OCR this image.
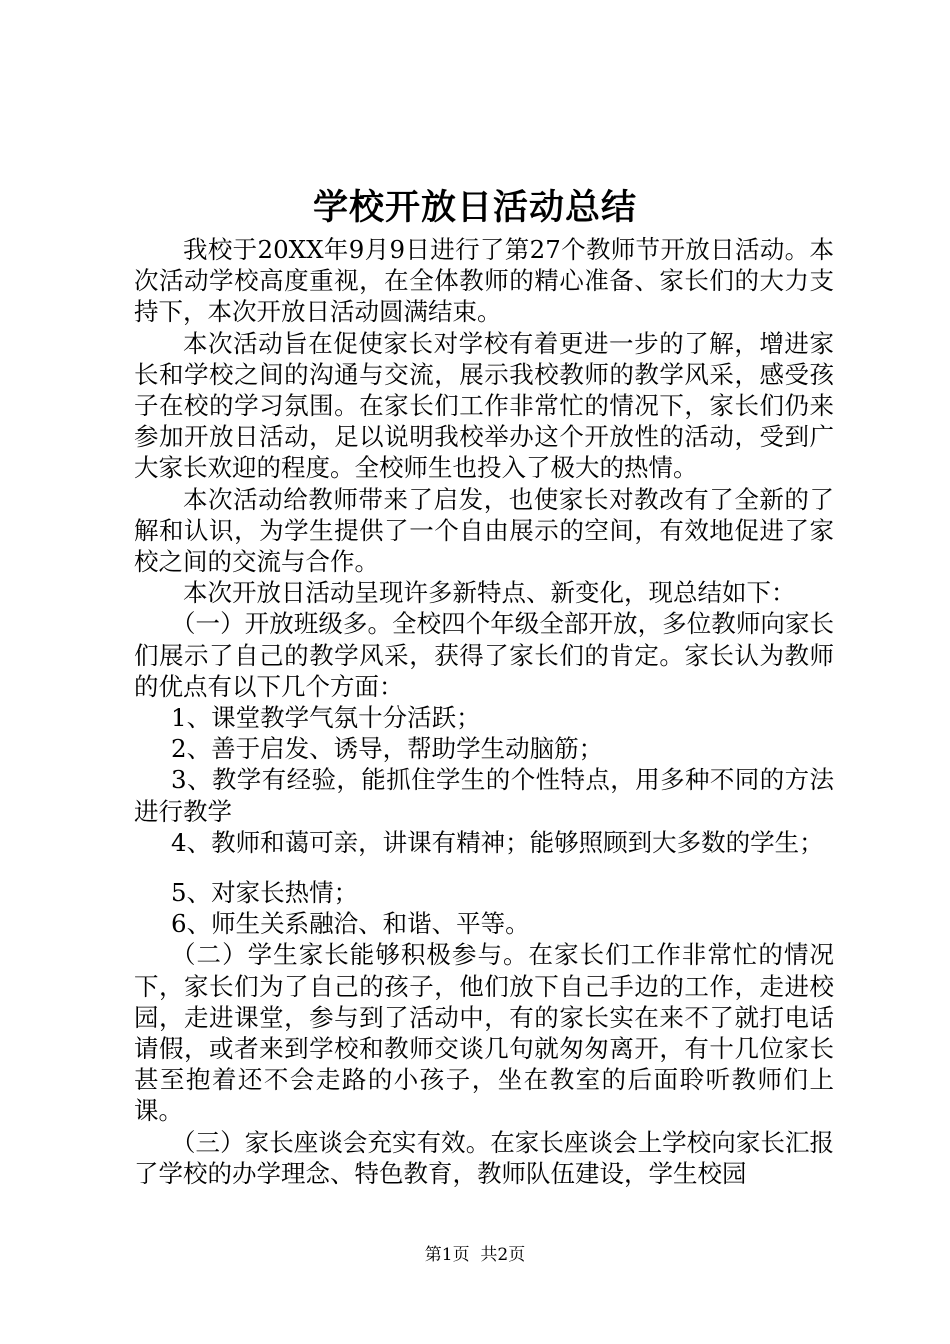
学校开放日活动总结

我校于20XX年9月9日进行了第27个教师节开放日活动。本次活动学校高度重视，在全体教师的精心准备、家长们的大力支持下，本次开放日活动圆满结束。

本次活动旨在促使家长对学校有着更进一步的了解，增进家长和学校之间的沟通与交流，展示我校教师的教学风采，感受孩子在校的学习氛围。在家长们工作非常忙的情况下，家长们仍来参加开放日活动，足以说明我校举办这个开放性的活动，受到广大家长欢迎的程度。全校师生也投入了极大的热情。

本次活动给教师带来了启发，也使家长对教改有了全新的了解和认识，为学生提供了一个自由展示的空间，有效地促进了家校之间的交流与合作。

本次开放日活动呈现许多新特点、新变化，现总结如下：

（一）开放班级多。全校四个年级全部开放，多位教师向家长们展示了自己的教学风采，获得了家长们的肯定。家长认为教师的优点有以下几个方面：

1、课堂教学气氛十分活跃；

2、善于启发、诱导，帮助学生动脑筋；

3、教学有经验，能抓住学生的个性特点，用多种不同的方法进行教学

4、教师和蔼可亲，讲课有精神；能够照顾到大多数的学生；

5、对家长热情；

6、师生关系融洽、和谐、平等。

（二）学生家长能够积极参与。在家长们工作非常忙的情况下，家长们为了自己的孩子，他们放下自己手边的工作，走进校园，走进课堂，参与到了活动中，有的家长实在来不了就打电话请假，或者来到学校和教师交谈几句就匆匆离开，有十几位家长甚至抱着还不会走路的小孩子，坐在教室的后面聆听教师们上课。

（三）家长座谈会充实有效。在家长座谈会上学校向家长汇报了学校的办学理念、特色教育，教师队伍建设，学生校园

第1页 共2页
